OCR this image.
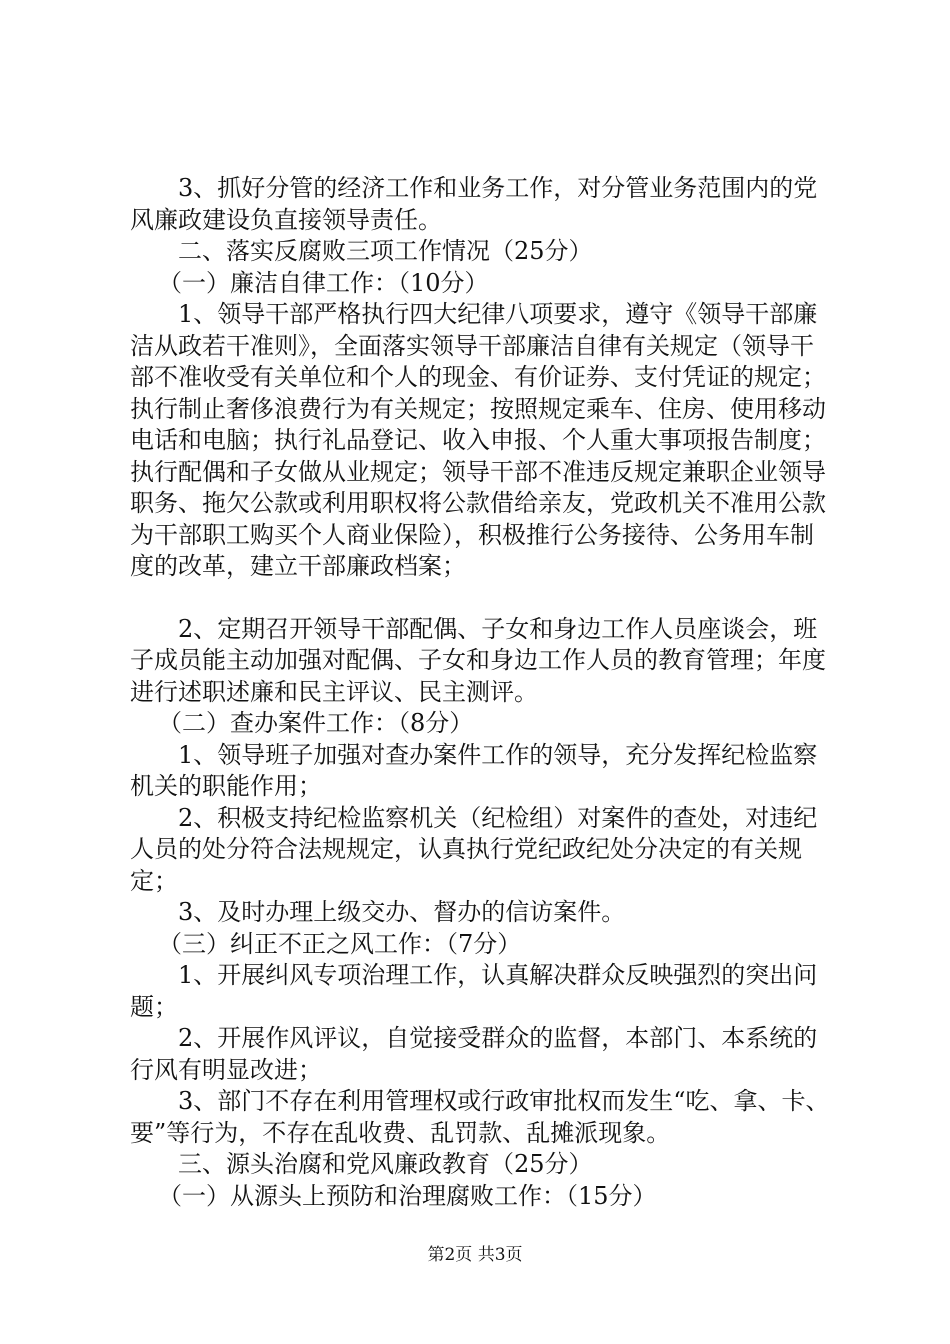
3、抓好分管的经济工作和业务工作，对分管业务范围内的党风廉政建设负直接领导责任。

二、落实反腐败三项工作情况（25分）

（一）廉洁自律工作：（10分）

1、领导干部严格执行四大纪律八项要求，遵守《领导干部廉洁从政若干准则》，全面落实领导干部廉洁自律有关规定（领导干部不准收受有关单位和个人的现金、有价证券、支付凭证的规定；执行制止奢侈浪费行为有关规定；按照规定乘车、住房、使用移动电话和电脑；执行礼品登记、收入申报、个人重大事项报告制度；执行配偶和子女做从业规定；领导干部不准违反规定兼职企业领导职务、拖欠公款或利用职权将公款借给亲友，党政机关不准用公款为干部职工购买个人商业保险），积极推行公务接待、公务用车制度的改革，建立干部廉政档案；

2、定期召开领导干部配偶、子女和身边工作人员座谈会，班子成员能主动加强对配偶、子女和身边工作人员的教育管理；年度进行述职述廉和民主评议、民主测评。

（二）查办案件工作：（8分）

1、领导班子加强对查办案件工作的领导，充分发挥纪检监察机关的职能作用；

2、积极支持纪检监察机关（纪检组）对案件的查处，对违纪人员的处分符合法规规定，认真执行党纪政纪处分决定的有关规定；

3、及时办理上级交办、督办的信访案件。

（三）纠正不正之风工作：（7分）

1、开展纠风专项治理工作，认真解决群众反映强烈的突出问题；

2、开展作风评议，自觉接受群众的监督，本部门、本系统的行风有明显改进；

3、部门不存在利用管理权或行政审批权而发生“吃、拿、卡、要”等行为，不存在乱收费、乱罚款、乱摊派现象。

三、源头治腐和党风廉政教育（25分）

（一）从源头上预防和治理腐败工作：（15分）

第2页 共3页
